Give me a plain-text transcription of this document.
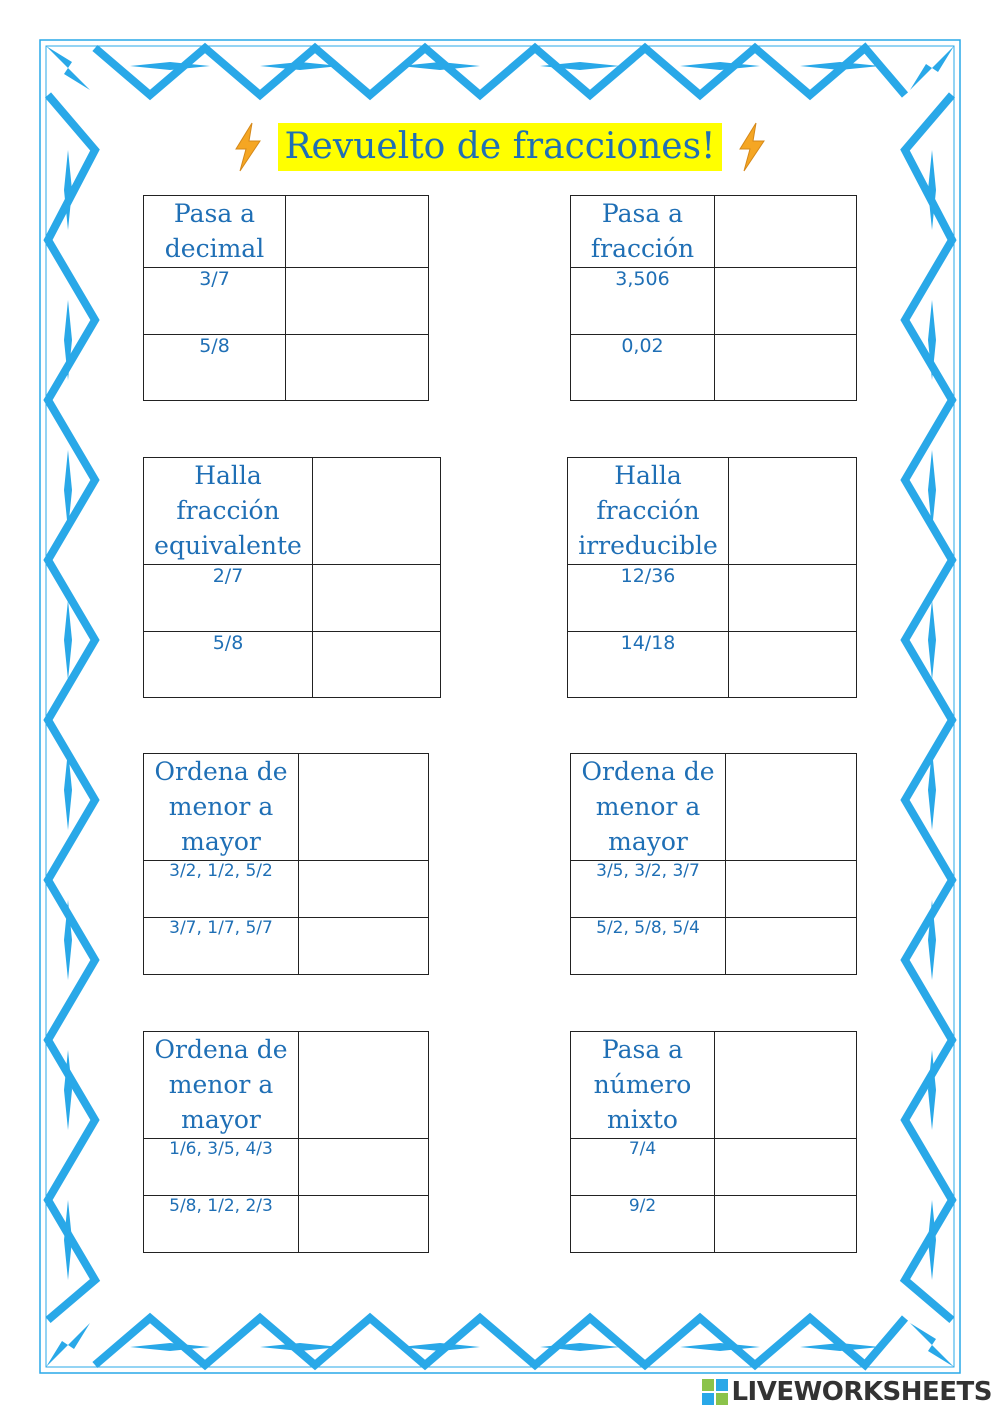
Revuelto de fracciones!
Pasa a decimal	
3/7	
5/8	
Pasa a fracción	
3,506	
0,02	
Halla fracción equivalente	
2/7	
5/8	
Halla fracción irreducible	
12/36	
14/18	
Ordena de menor a mayor	
3/2, 1/2, 5/2	
3/7, 1/7, 5/7	
Ordena de menor a mayor	
3/5, 3/2, 3/7	
5/2, 5/8, 5/4	
Ordena de menor a mayor	
1/6, 3/5, 4/3	
5/8, 1/2, 2/3	
Pasa a número mixto	
7/4	
9/2	
LIVEWORKSHEETS
